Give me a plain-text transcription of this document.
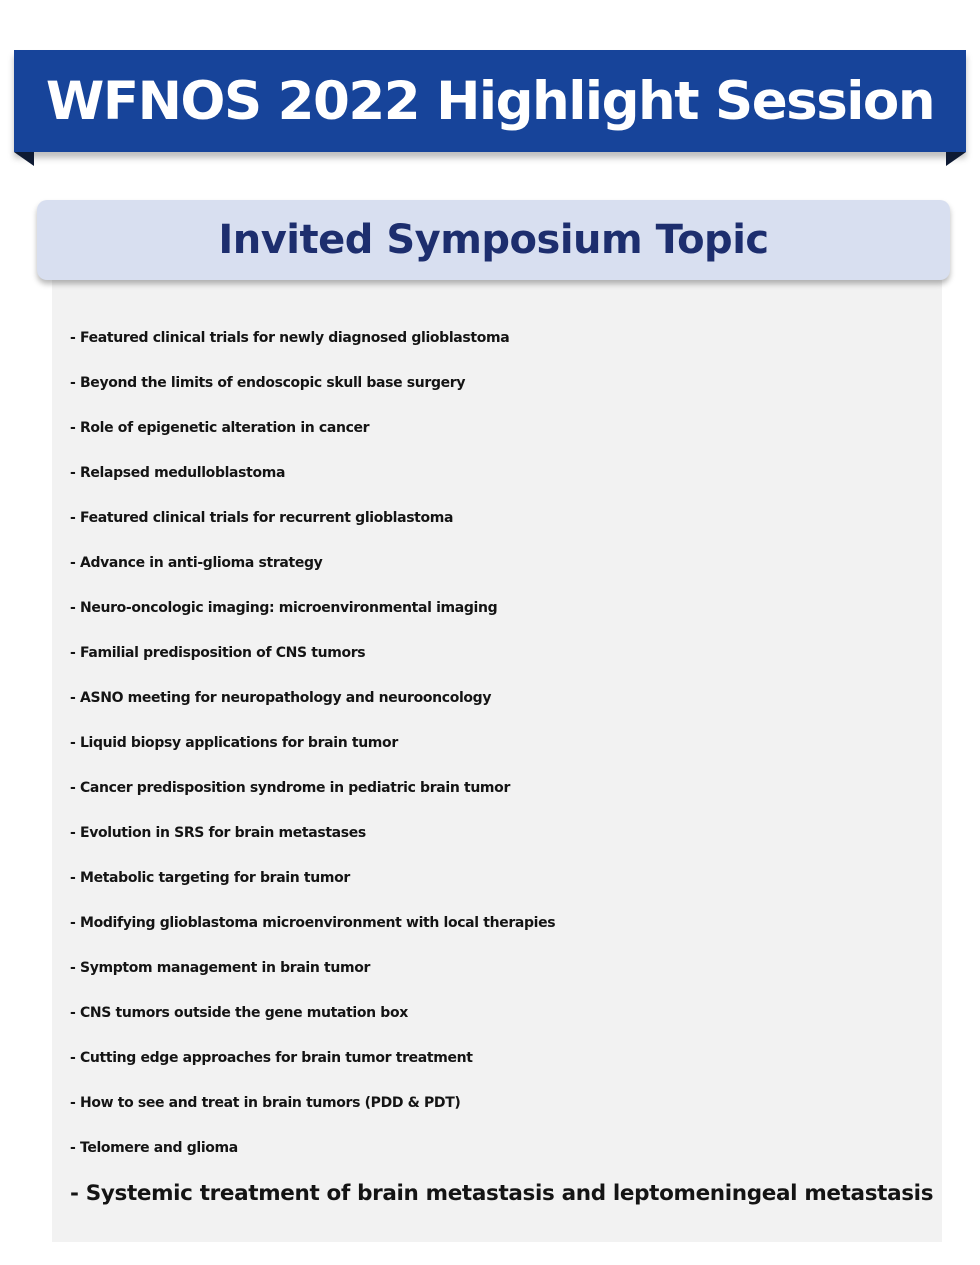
WFNOS 2022 Highlight Session
Invited Symposium Topic
- Featured clinical trials for newly diagnosed glioblastoma
- Beyond the limits of endoscopic skull base surgery
- Role of epigenetic alteration in cancer
- Relapsed medulloblastoma
- Featured clinical trials for recurrent glioblastoma
- Advance in anti-glioma strategy
- Neuro-oncologic imaging: microenvironmental imaging
- Familial predisposition of CNS tumors
- ASNO meeting for neuropathology and neurooncology
- Liquid biopsy applications for brain tumor
- Cancer predisposition syndrome in pediatric brain tumor
- Evolution in SRS for brain metastases
- Metabolic targeting for brain tumor
- Modifying glioblastoma microenvironment with local therapies
- Symptom management in brain tumor
- CNS tumors outside the gene mutation box
- Cutting edge approaches for brain tumor treatment
- How to see and treat in brain tumors (PDD & PDT)
- Telomere and glioma
- Systemic treatment of brain metastasis and leptomeningeal metastasis
